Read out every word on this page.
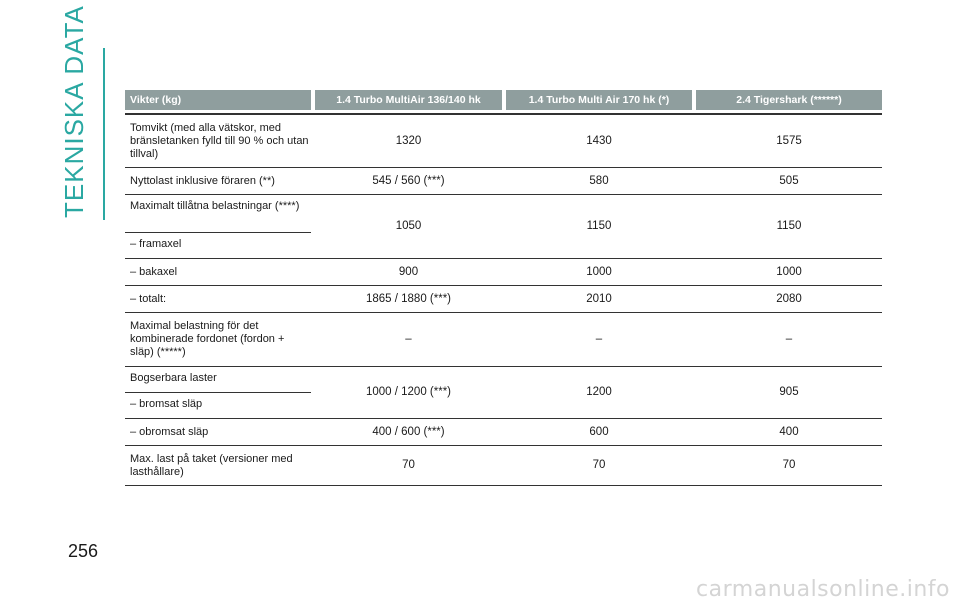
TEKNISKA DATA	Vikter (kg)	1.4 Turbo MultiAir 136/140 hk	1.4 Turbo Multi Air 170 hk (*)	2.4 Tigershark (******)

Tomvikt (med alla vätskor, med bränsletanken fylld till 90 % och utan tillval)	1320	1430	1575
Nyttolast inklusive föraren (**)	545 / 560 (***)	580	505

Maximalt tillåtna belastningar (****)
– framaxel	1050	1150	1150
– bakaxel	900	1000	1000
– totalt:	1865 / 1880 (***)	2010	2080
Maximal belastning för det kombinerade fordonet (fordon + släp) (*****)	–	–	–

Bogserbara laster
– bromsat släp	1000 / 1200 (***)	1200	905
– obromsat släp	400 / 600 (***)	600	400
Max. last på taket (versioner med lasthållare)	70	70	70
256
carmanualsonline.info
